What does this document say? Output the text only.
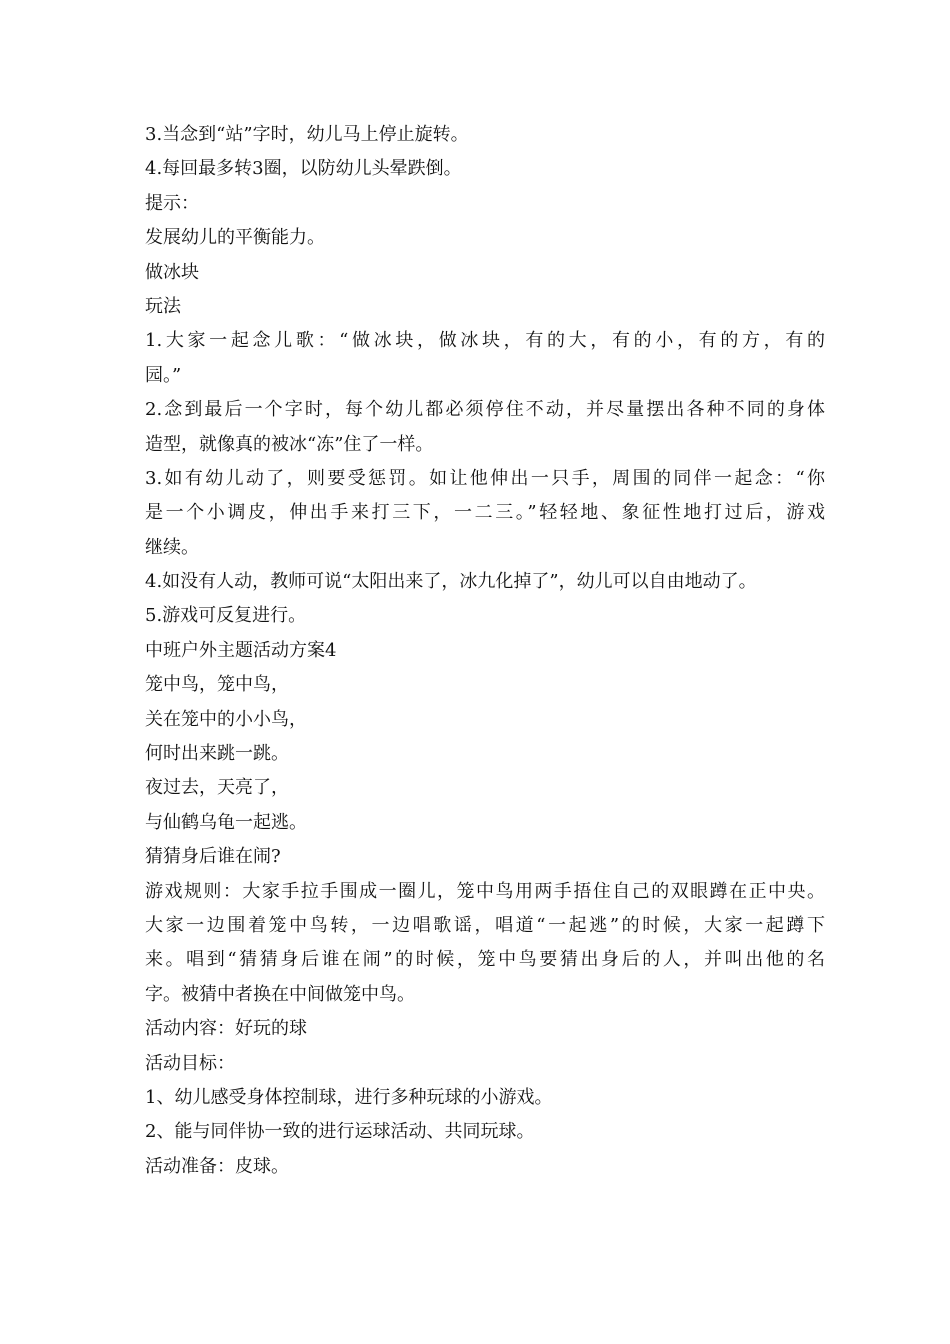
3.当念到“站”字时，幼儿马上停止旋转。
4.每回最多转3圈，以防幼儿头晕跌倒。
提示：
发展幼儿的平衡能力。
做冰块
玩法
1.大家一起念儿歌：“做冰块，做冰块，有的大，有的小，有的方，有的
园。”
2.念到最后一个字时，每个幼儿都必须停住不动，并尽量摆出各种不同的身体
造型，就像真的被冰“冻”住了一样。
3.如有幼儿动了，则要受惩罚。如让他伸出一只手，周围的同伴一起念：“你
是一个小调皮，伸出手来打三下，一二三。”轻轻地、象征性地打过后，游戏
继续。
4.如没有人动，教师可说“太阳出来了，冰九化掉了”，幼儿可以自由地动了。
5.游戏可反复进行。
中班户外主题活动方案4
笼中鸟，笼中鸟，
关在笼中的小小鸟，
何时出来跳一跳。
夜过去，天亮了，
与仙鹤乌龟一起逃。
猜猜身后谁在闹?
游戏规则：大家手拉手围成一圈儿，笼中鸟用两手捂住自己的双眼蹲在正中央。
大家一边围着笼中鸟转，一边唱歌谣，唱道“一起逃”的时候，大家一起蹲下
来。唱到“猜猜身后谁在闹”的时候，笼中鸟要猜出身后的人，并叫出他的名
字。被猜中者换在中间做笼中鸟。
活动内容：好玩的球
活动目标：
1、幼儿感受身体控制球，进行多种玩球的小游戏。
2、能与同伴协一致的进行运球活动、共同玩球。
活动准备：皮球。
